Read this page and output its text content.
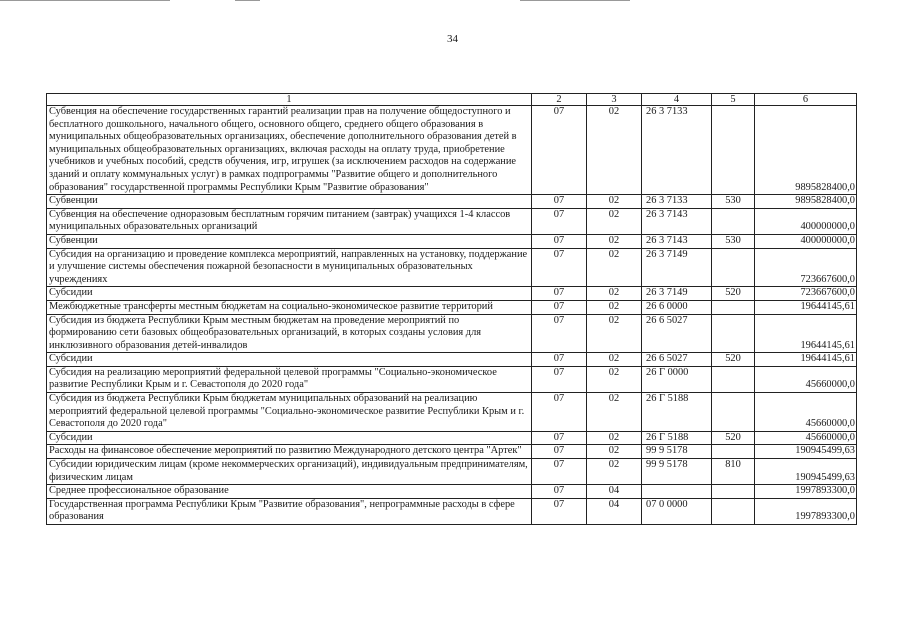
34
1	2	3	4	5	6
Субвенция на обеспечение государственных гарантий реализации прав на получение общедоступного и бесплатного дошкольного, начального общего, основного общего, среднего общего образования в муниципальных общеобразовательных организациях, обеспечение дополнительного образования детей в муниципальных общеобразовательных организациях, включая расходы на оплату труда, приобретение учебников и учебных пособий, средств обучения, игр, игрушек (за исключением расходов на содержание зданий и оплату коммунальных услуг) в рамках подпрограммы "Развитие общего и дополнительного образования" государственной программы Республики Крым "Развитие образования"	07	02	26 3 7133		9895828400,0
Субвенции	07	02	26 3 7133	530	9895828400,0
Субвенция на обеспечение одноразовым бесплатным горячим питанием (завтрак) учащихся 1-4 классов муниципальных образовательных организаций	07	02	26 3 7143		400000000,0
Субвенции	07	02	26 3 7143	530	400000000,0
Субсидия на организацию и проведение комплекса мероприятий, направленных на установку, поддержание и улучшение системы обеспечения пожарной безопасности в муниципальных образовательных учреждениях	07	02	26 3 7149		723667600,0
Субсидии	07	02	26 3 7149	520	723667600,0
Межбюджетные трансферты местным бюджетам на социально-экономическое развитие территорий	07	02	26 6 0000		19644145,61
Субсидия из бюджета Республики Крым местным бюджетам на проведение мероприятий по формированию сети базовых общеобразовательных организаций, в которых созданы условия для инклюзивного образования детей-инвалидов	07	02	26 6 5027		19644145,61
Субсидии	07	02	26 6 5027	520	19644145,61
Субсидия на реализацию мероприятий федеральной целевой программы "Социально-экономическое развитие Республики Крым и г. Севастополя до 2020 года"	07	02	26 Г 0000		45660000,0
Субсидия из бюджета Республики Крым бюджетам муниципальных образований на реализацию мероприятий федеральной целевой программы "Социально-экономическое развитие Республики Крым и г. Севастополя до 2020 года"	07	02	26 Г 5188		45660000,0
Субсидии	07	02	26 Г 5188	520	45660000,0
Расходы на финансовое обеспечение мероприятий по развитию Международного детского центра "Артек"	07	02	99 9 5178		190945499,63
Субсидии юридическим лицам (кроме некоммерческих организаций), индивидуальным предпринимателям, физическим лицам	07	02	99 9 5178	810	190945499,63
Среднее профессиональное образование	07	04			1997893300,0
Государственная программа Республики Крым "Развитие образования", непрограммные расходы в сфере образования	07	04	07 0 0000		1997893300,0
